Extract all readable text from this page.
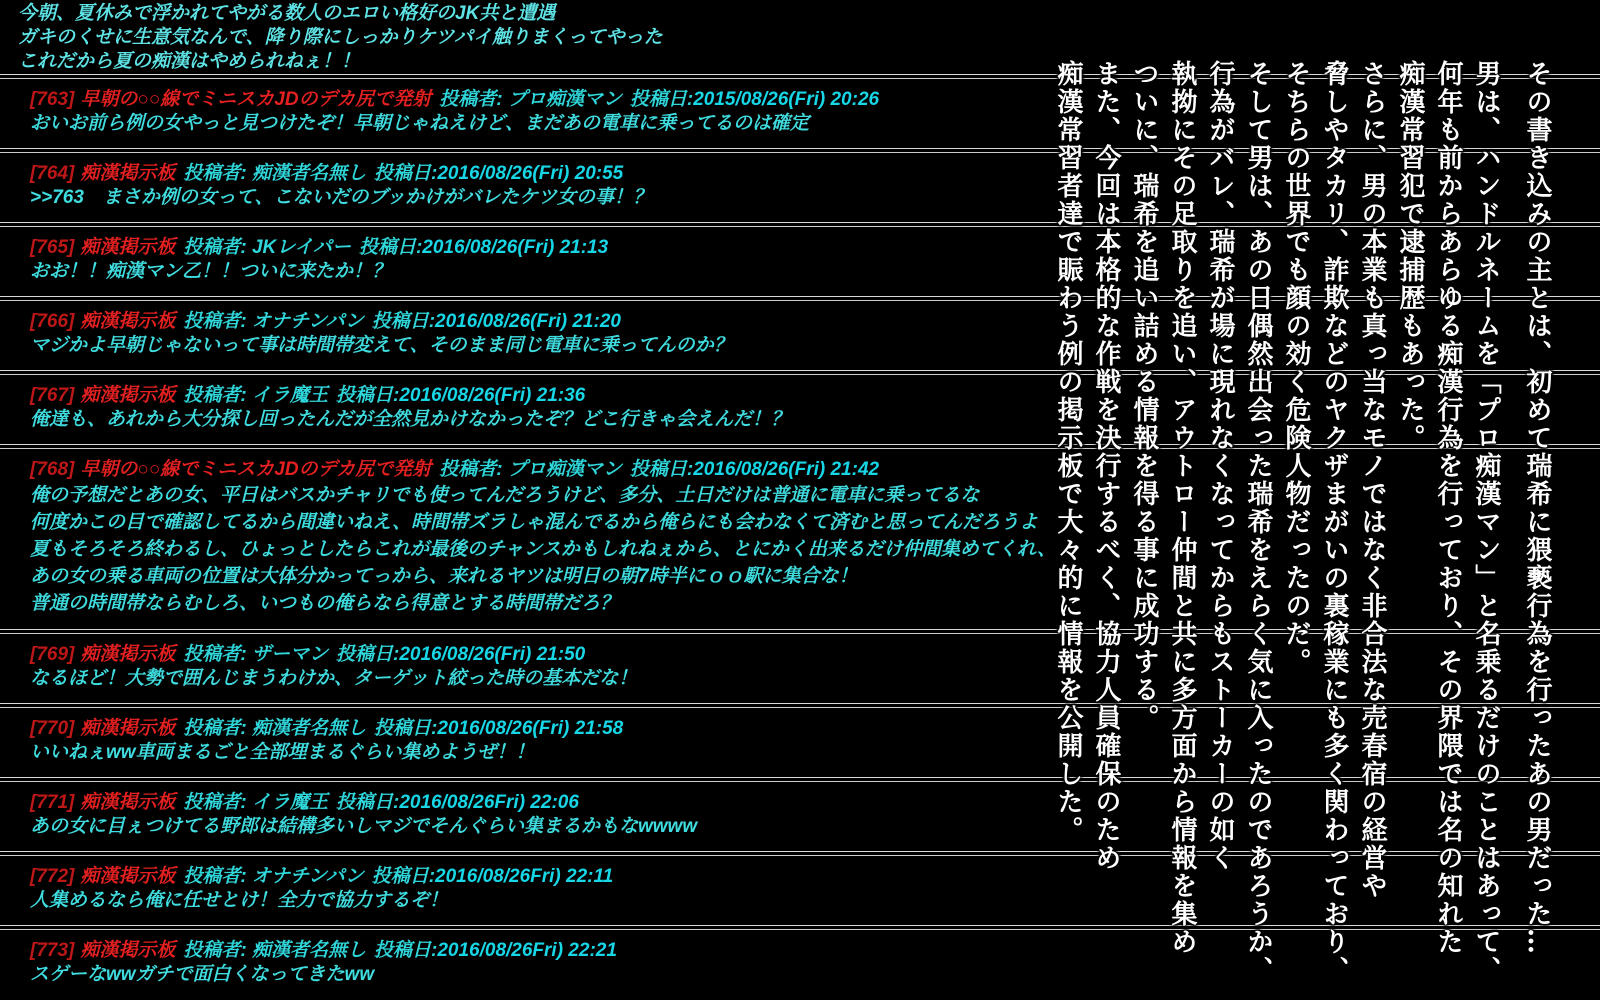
今朝、夏休みで浮かれてやがる数人のエロい格好のJK共と遭遇
ガキのくせに生意気なんで、降り際にしっかりケツパイ触りまくってやった
これだから夏の痴漢はやめられねぇ！！
[763] 早朝の○○線でミニスカJDのデカ尻で発射 投稿者: プロ痴漢マン 投稿日:2015/08/26(Fri) 20:26
おいお前ら例の女やっと見つけたぞ！早朝じゃねえけど、まだあの電車に乗ってるのは確定
[764] 痴漢掲示板 投稿者: 痴漢者名無し 投稿日:2016/08/26(Fri) 20:55
>>763　まさか例の女って、こないだのブッかけがバレたケツ女の事！？
[765] 痴漢掲示板 投稿者: JKレイパー 投稿日:2016/08/26(Fri) 21:13
おお！！痴漢マン乙！！ついに来たか！？
[766] 痴漢掲示板 投稿者: オナチンパン 投稿日:2016/08/26(Fri) 21:20
マジかよ早朝じゃないって事は時間帯変えて、そのまま同じ電車に乗ってんのか？
[767] 痴漢掲示板 投稿者: イラ魔王 投稿日:2016/08/26(Fri) 21:36
俺達も、あれから大分探し回ったんだが全然見かけなかったぞ？どこ行きゃ会えんだ！？
[768] 早朝の○○線でミニスカJDのデカ尻で発射 投稿者: プロ痴漢マン 投稿日:2016/08/26(Fri) 21:42
俺の予想だとあの女、平日はバスかチャリでも使ってんだろうけど、多分、土日だけは普通に電車に乗ってるな
何度かこの目で確認してるから間違いねえ、時間帯ズラしゃ混んでるから俺らにも会わなくて済むと思ってんだろうよ
夏もそろそろ終わるし、ひょっとしたらこれが最後のチャンスかもしれねぇから、とにかく出来るだけ仲間集めてくれ、
あの女の乗る車両の位置は大体分かってっから、来れるヤツは明日の朝7時半にｏｏ駅に集合な！
普通の時間帯ならむしろ、いつもの俺らなら得意とする時間帯だろ？
[769] 痴漢掲示板 投稿者: ザーマン 投稿日:2016/08/26(Fri) 21:50
なるほど！大勢で囲んじまうわけか、ターゲット絞った時の基本だな！
[770] 痴漢掲示板 投稿者: 痴漢者名無し 投稿日:2016/08/26(Fri) 21:58
いいねぇww車両まるごと全部埋まるぐらい集めようぜ！！
[771] 痴漢掲示板 投稿者: イラ魔王 投稿日:2016/08/26Fri) 22:06
あの女に目ぇつけてる野郎は結構多いしマジでそんぐらい集まるかもなwwww
[772] 痴漢掲示板 投稿者: オナチンパン 投稿日:2016/08/26Fri) 22:11
人集めるなら俺に任せとけ！全力で協力するぞ！
[773] 痴漢掲示板 投稿者: 痴漢者名無し 投稿日:2016/08/26Fri) 22:21
スゲーなwwガチで面白くなってきたww

その書き込みの主とは、初めて瑞希に猥褻行為を行ったあの男だった…

男は、ハンドルネームを「プロ痴漢マン」と名乗るだけのことはあって、

何年も前からあらゆる痴漢行為を行っており、その界隈では名の知れた

痴漢常習犯で逮捕歴もあった。

さらに、男の本業も真っ当なモノではなく非合法な売春宿の経営や

脅しやタカリ、詐欺などのヤクザまがいの裏稼業にも多く関わっており、

そちらの世界でも顔の効く危険人物だったのだ。

そして男は、あの日偶然出会った瑞希をえらく気に入ったのであろうか、

行為がバレ、瑞希が場に現れなくなってからもストーカーの如く

執拗にその足取りを追い、アウトロー仲間と共に多方面から情報を集め

ついに、瑞希を追い詰める情報を得る事に成功する。

また、今回は本格的な作戦を決行するべく、協力人員確保のため

痴漢常習者達で賑わう例の掲示板で大々的に情報を公開した。
